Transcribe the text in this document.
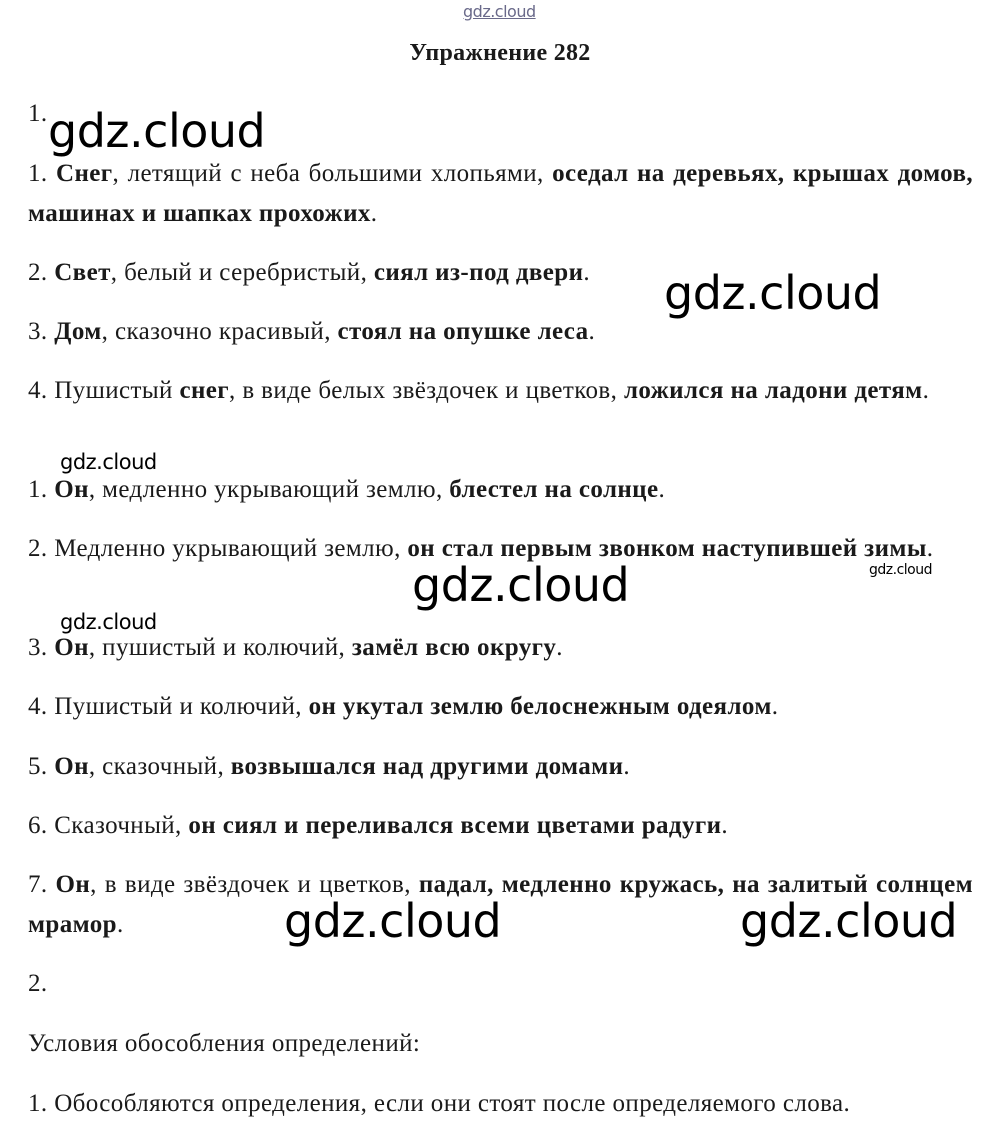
gdz.cloud
Упражнение 282
1.
1. Снег, летящий с неба большими хлопьями, оседал на деревьях, крышах домов, машинах и шапках прохожих.
2. Свет, белый и серебристый, сиял из-под двери.
3. Дом, сказочно красивый, стоял на опушке леса.
4. Пушистый снег, в виде белых звёздочек и цветков, ложился на ладони детям.
1. Он, медленно укрывающий землю, блестел на солнце.
2. Медленно укрывающий землю, он стал первым звонком наступившей зимы.
3. Он, пушистый и колючий, замёл всю округу.
4. Пушистый и колючий, он укутал землю белоснежным одеялом.
5. Он, сказочный, возвышался над другими домами.
6. Сказочный, он сиял и переливался всеми цветами радуги.
7. Он, в виде звёздочек и цветков, падал, медленно кружась, на залитый солнцем мрамор.
2.
Условия обособления определений:
1. Обособляются определения, если они стоят после определяемого слова.
gdz.cloud
gdz.cloud
gdz.cloud
gdz.cloud	gdz.cloud
gdz.cloud
gdz.cloud	gdz.cloud
